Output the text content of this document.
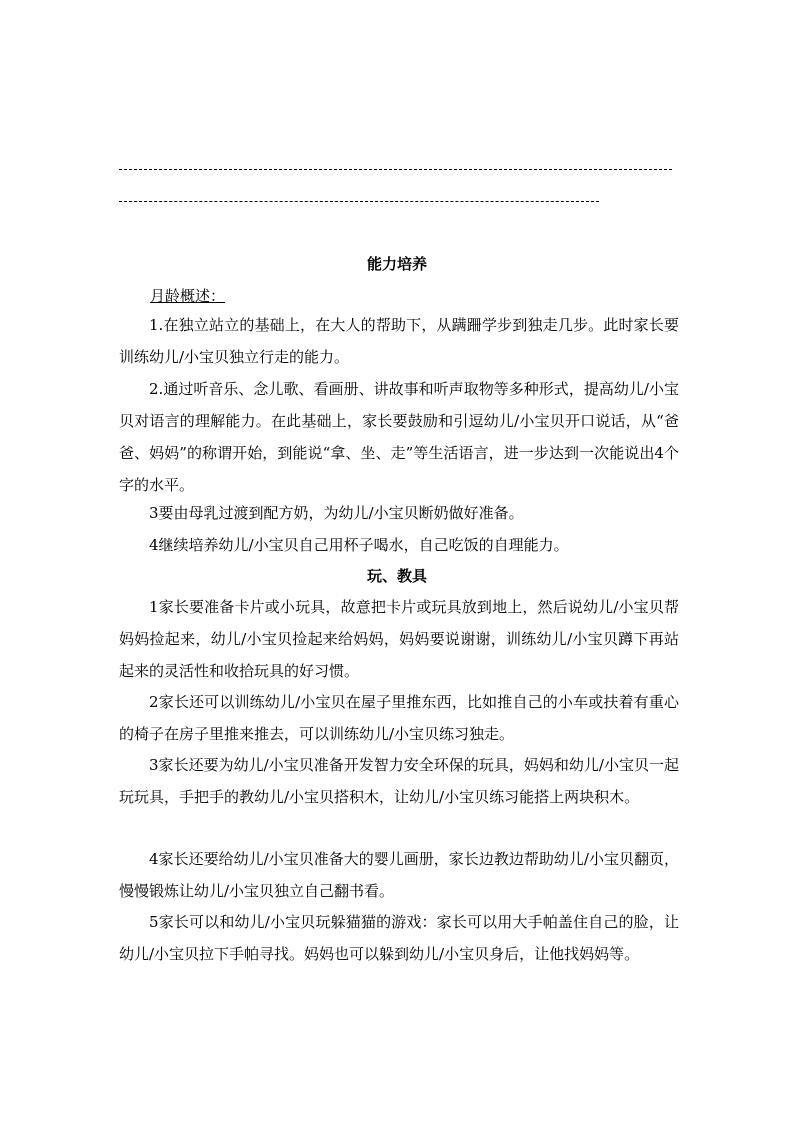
能力培养
月龄概述：
1.在独立站立的基础上，在大人的帮助下，从蹒跚学步到独走几步。此时家长要训练幼儿/小宝贝独立行走的能力。
2.通过听音乐、念儿歌、看画册、讲故事和听声取物等多种形式，提高幼儿/小宝贝对语言的理解能力。在此基础上，家长要鼓励和引逗幼儿/小宝贝开口说话，从“爸爸、妈妈”的称谓开始，到能说“拿、坐、走”等生活语言，进一步达到一次能说出4个字的水平。
3要由母乳过渡到配方奶，为幼儿/小宝贝断奶做好准备。
4继续培养幼儿/小宝贝自己用杯子喝水，自己吃饭的自理能力。
玩、教具
1家长要准备卡片或小玩具，故意把卡片或玩具放到地上，然后说幼儿/小宝贝帮妈妈捡起来，幼儿/小宝贝捡起来给妈妈，妈妈要说谢谢，训练幼儿/小宝贝蹲下再站起来的灵活性和收拾玩具的好习惯。
2家长还可以训练幼儿/小宝贝在屋子里推东西，比如推自己的小车或扶着有重心的椅子在房子里推来推去，可以训练幼儿/小宝贝练习独走。
3家长还要为幼儿/小宝贝准备开发智力安全环保的玩具，妈妈和幼儿/小宝贝一起玩玩具，手把手的教幼儿/小宝贝搭积木，让幼儿/小宝贝练习能搭上两块积木。
4家长还要给幼儿/小宝贝准备大的婴儿画册，家长边教边帮助幼儿/小宝贝翻页，慢慢锻炼让幼儿/小宝贝独立自己翻书看。
5家长可以和幼儿/小宝贝玩躲猫猫的游戏：家长可以用大手帕盖住自己的脸，让幼儿/小宝贝拉下手帕寻找。妈妈也可以躲到幼儿/小宝贝身后，让他找妈妈等。
